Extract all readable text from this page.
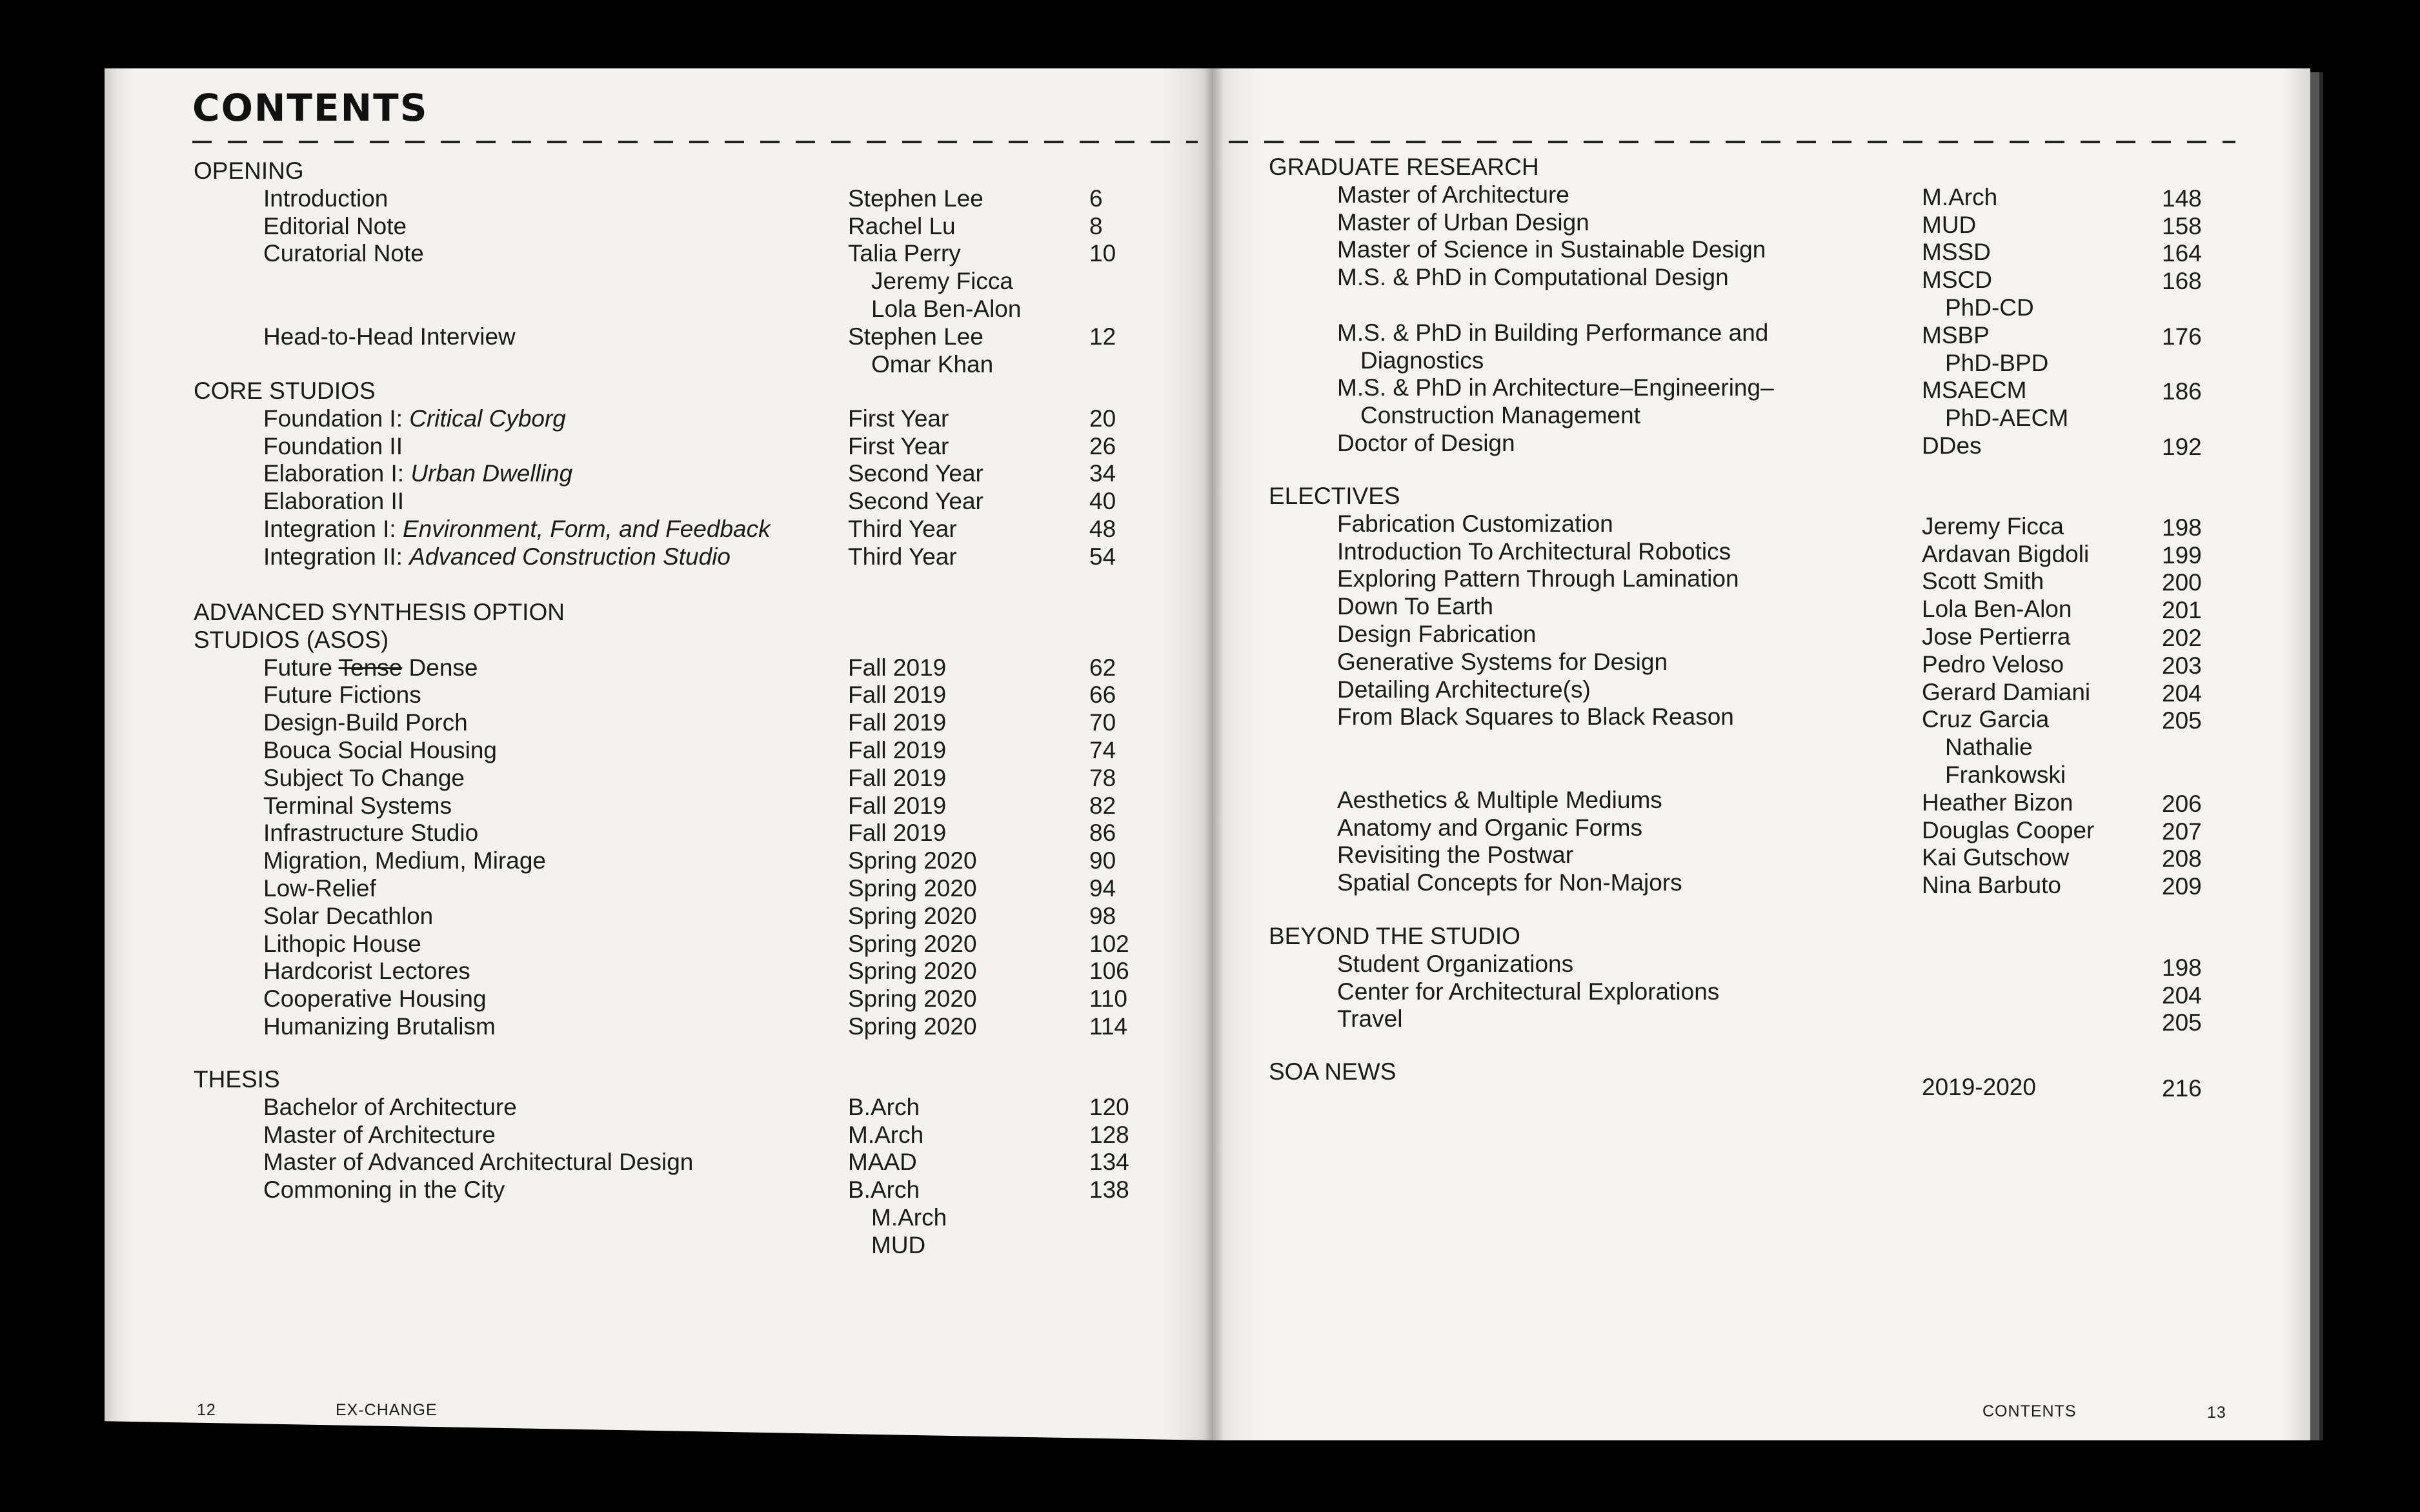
CONTENTS
OPENING
Introduction	Stephen Lee	6
Editorial Note	Rachel Lu	8
Curatorial Note	Talia Perry	10
Jeremy Ficca
Lola Ben-Alon
Head-to-Head Interview	Stephen Lee	12
Omar Khan
CORE STUDIOS
Foundation I: Critical Cyborg	First Year	20
Foundation II	First Year	26
Elaboration I: Urban Dwelling	Second Year	34
Elaboration II	Second Year	40
Integration I: Environment, Form, and Feedback	Third Year	48
Integration II: Advanced Construction Studio	Third Year	54
ADVANCED SYNTHESIS OPTION
STUDIOS (ASOS)
Future Tense Dense	Fall 2019	62
Future Fictions	Fall 2019	66
Design-Build Porch	Fall 2019	70
Bouca Social Housing	Fall 2019	74
Subject To Change	Fall 2019	78
Terminal Systems	Fall 2019	82
Infrastructure Studio	Fall 2019	86
Migration, Medium, Mirage	Spring 2020	90
Low-Relief	Spring 2020	94
Solar Decathlon	Spring 2020	98
Lithopic House	Spring 2020	102
Hardcorist Lectores	Spring 2020	106
Cooperative Housing	Spring 2020	110
Humanizing Brutalism	Spring 2020	114
THESIS
Bachelor of Architecture	B.Arch	120
Master of Architecture	M.Arch	128
Master of Advanced Architectural Design	MAAD	134
Commoning in the City	B.Arch	138
M.Arch
MUD
GRADUATE RESEARCH
Master of Architecture	M.Arch	148
Master of Urban Design	MUD	158
Master of Science in Sustainable Design	MSSD	164
M.S. & PhD in Computational Design	MSCD	168
PhD-CD
M.S. & PhD in Building Performance and	MSBP	176
Diagnostics	PhD-BPD
M.S. & PhD in Architecture–Engineering–	MSAECM	186
Construction Management	PhD-AECM
Doctor of Design	DDes	192
ELECTIVES
Fabrication Customization	Jeremy Ficca	198
Introduction To Architectural Robotics	Ardavan Bigdoli	199
Exploring Pattern Through Lamination	Scott Smith	200
Down To Earth	Lola Ben-Alon	201
Design Fabrication	Jose Pertierra	202
Generative Systems for Design	Pedro Veloso	203
Detailing Architecture(s)	Gerard Damiani	204
From Black Squares to Black Reason	Cruz Garcia	205
Nathalie
Frankowski
Aesthetics & Multiple Mediums	Heather Bizon	206
Anatomy and Organic Forms	Douglas Cooper	207
Revisiting the Postwar	Kai Gutschow	208
Spatial Concepts for Non-Majors	Nina Barbuto	209
BEYOND THE STUDIO
Student Organizations	198
Center for Architectural Explorations	204
Travel	205
SOA NEWS
2019-2020	216
12	EX-CHANGE	CONTENTS	13
